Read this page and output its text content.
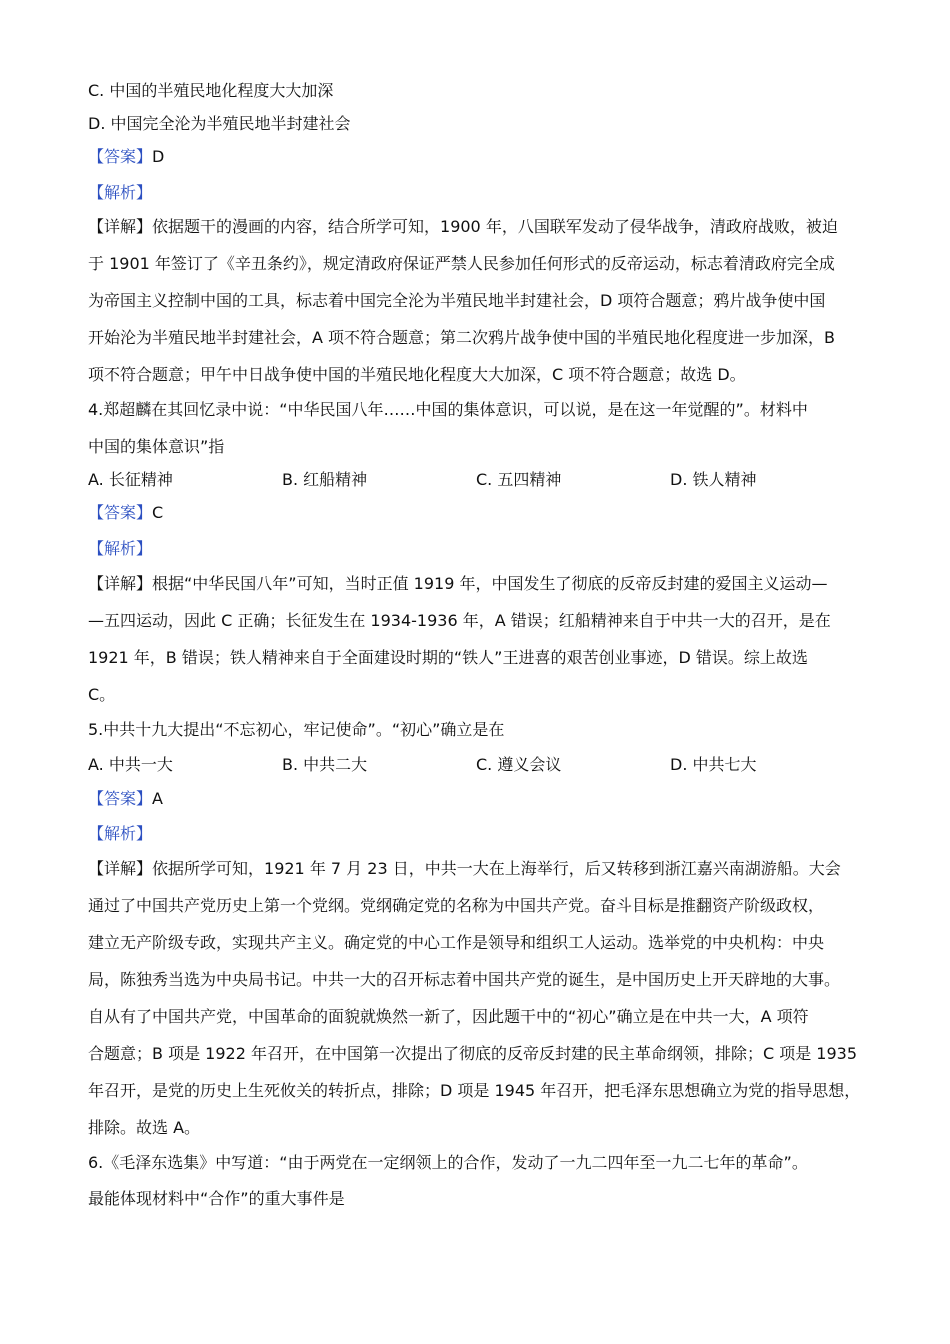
C. 中国的半殖民地化程度大大加深
D. 中国完全沦为半殖民地半封建社会
【答案】D
【解析】
【详解】依据题干的漫画的内容，结合所学可知，1900 年，八国联军发动了侵华战争，清政府战败，被迫
于 1901 年签订了《辛丑条约》，规定清政府保证严禁人民参加任何形式的反帝运动，标志着清政府完全成
为帝国主义控制中国的工具，标志着中国完全沦为半殖民地半封建社会，D 项符合题意；鸦片战争使中国
开始沦为半殖民地半封建社会，A 项不符合题意；第二次鸦片战争使中国的半殖民地化程度进一步加深，B
项不符合题意；甲午中日战争使中国的半殖民地化程度大大加深，C 项不符合题意；故选 D。
4.郑超麟在其回忆录中说：“中华民国八年……中国的集体意识，可以说，是在这一年觉醒的”。材料中
中国的集体意识”指
A. 长征精神	B. 红船精神	C. 五四精神	D. 铁人精神
【答案】C
【解析】
【详解】根据“中华民国八年”可知，当时正值 1919 年，中国发生了彻底的反帝反封建的爱国主义运动—
—五四运动，因此 C 正确；长征发生在 1934-1936 年，A 错误；红船精神来自于中共一大的召开，是在
1921 年，B 错误；铁人精神来自于全面建设时期的“铁人”王进喜的艰苦创业事迹，D 错误。综上故选
C。
5.中共十九大提出“不忘初心，牢记使命”。“初心”确立是在
A. 中共一大	B. 中共二大	C. 遵义会议	D. 中共七大
【答案】A
【解析】
【详解】依据所学可知，1921 年 7 月 23 日，中共一大在上海举行，后又转移到浙江嘉兴南湖游船。大会
通过了中国共产党历史上第一个党纲。党纲确定党的名称为中国共产党。奋斗目标是推翻资产阶级政权，
建立无产阶级专政，实现共产主义。确定党的中心工作是领导和组织工人运动。选举党的中央机构：中央
局，陈独秀当选为中央局书记。中共一大的召开标志着中国共产党的诞生，是中国历史上开天辟地的大事。
自从有了中国共产党，中国革命的面貌就焕然一新了，因此题干中的“初心”确立是在中共一大，A 项符
合题意；B 项是 1922 年召开，在中国第一次提出了彻底的反帝反封建的民主革命纲领，排除；C 项是 1935
年召开，是党的历史上生死攸关的转折点，排除；D 项是 1945 年召开，把毛泽东思想确立为党的指导思想，
排除。故选 A。
6.《毛泽东选集》中写道：“由于两党在一定纲领上的合作，发动了一九二四年至一九二七年的革命”。
最能体现材料中“合作”的重大事件是
